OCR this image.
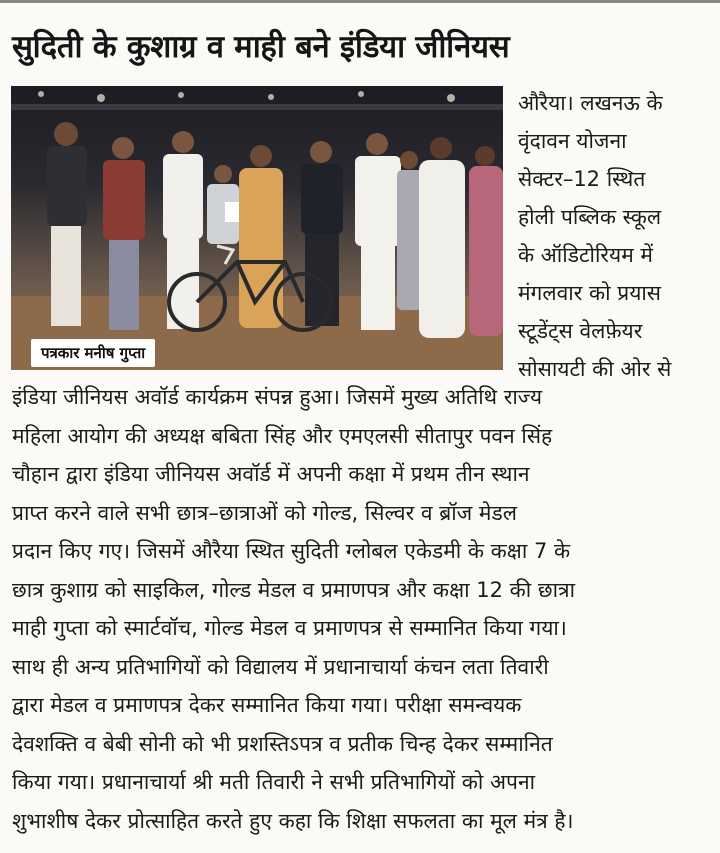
सुदिती के कुशाग्र व माही बने इंडिया जीनियस
पत्रकार मनीष गुप्ता
औरैया। लखनऊ के
वृंदावन योजना
सेक्टर–12 स्थित
होली पब्लिक स्कूल
के ऑडिटोरियम में
मंगलवार को प्रयास
स्टूडेंट्स वेलफ़ेयर
सोसायटी की ओर से
इंडिया जीनियस अवॉर्ड कार्यक्रम संपन्न हुआ। जिसमें मुख्य अतिथि राज्य
महिला आयोग की अध्यक्ष बबिता सिंह और एमएलसी सीतापुर पवन सिंह
चौहान द्वारा इंडिया जीनियस अवॉर्ड में अपनी कक्षा में प्रथम तीन स्थान
प्राप्त करने वाले सभी छात्र–छात्राओं को गोल्ड, सिल्वर व ब्रॉज मेडल
प्रदान किए गए। जिसमें औरैया स्थित सुदिती ग्लोबल एकेडमी के कक्षा 7 के
छात्र कुशाग्र को साइकिल, गोल्ड मेडल व प्रमाणपत्र और कक्षा 12 की छात्रा
माही गुप्ता को स्मार्टवॉच, गोल्ड मेडल व प्रमाणपत्र से सम्मानित किया गया।
साथ ही अन्य प्रतिभागियों को विद्यालय में प्रधानाचार्या कंचन लता तिवारी
द्वारा मेडल व प्रमाणपत्र देकर सम्मानित किया गया। परीक्षा समन्वयक
देवशक्ति व बेबी सोनी को भी प्रशस्तिऽपत्र व प्रतीक चिन्ह देकर सम्मानित
किया गया। प्रधानाचार्या श्री मती तिवारी ने सभी प्रतिभागियों को अपना
शुभाशीष देकर प्रोत्साहित करते हुए कहा कि शिक्षा सफलता का मूल मंत्र है।
